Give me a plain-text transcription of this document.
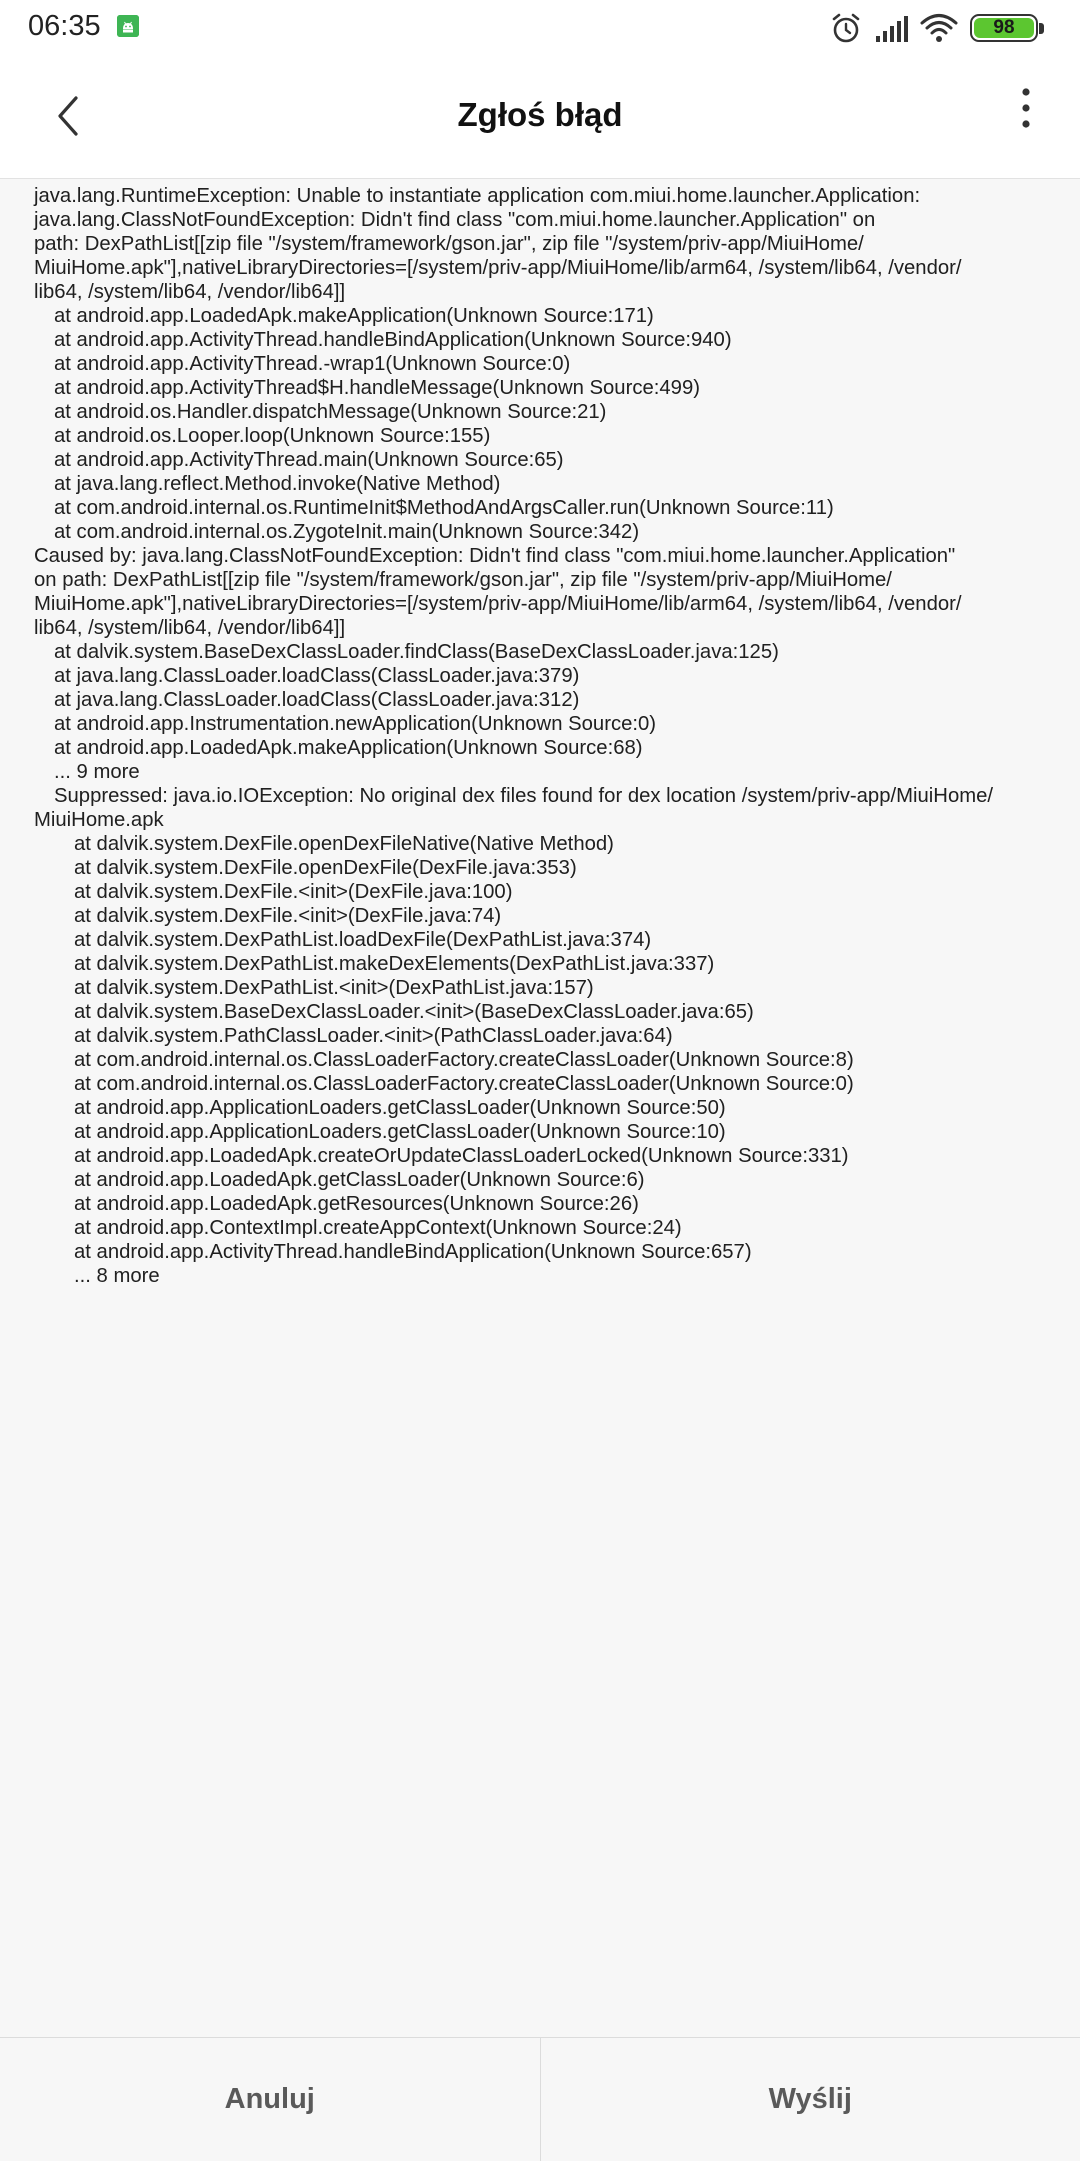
06:35	98
Zgłoś błąd
java.lang.RuntimeException: Unable to instantiate application com.miui.home.launcher.Application:
java.lang.ClassNotFoundException: Didn't find class "com.miui.home.launcher.Application" on
path: DexPathList[[zip file "/system/framework/gson.jar", zip file "/system/priv-app/MiuiHome/
MiuiHome.apk"],nativeLibraryDirectories=[/system/priv-app/MiuiHome/lib/arm64, /system/lib64, /vendor/
lib64, /system/lib64, /vendor/lib64]]
at android.app.LoadedApk.makeApplication(Unknown Source:171)
at android.app.ActivityThread.handleBindApplication(Unknown Source:940)
at android.app.ActivityThread.-wrap1(Unknown Source:0)
at android.app.ActivityThread$H.handleMessage(Unknown Source:499)
at android.os.Handler.dispatchMessage(Unknown Source:21)
at android.os.Looper.loop(Unknown Source:155)
at android.app.ActivityThread.main(Unknown Source:65)
at java.lang.reflect.Method.invoke(Native Method)
at com.android.internal.os.RuntimeInit$MethodAndArgsCaller.run(Unknown Source:11)
at com.android.internal.os.ZygoteInit.main(Unknown Source:342)
Caused by: java.lang.ClassNotFoundException: Didn't find class "com.miui.home.launcher.Application"
on path: DexPathList[[zip file "/system/framework/gson.jar", zip file "/system/priv-app/MiuiHome/
MiuiHome.apk"],nativeLibraryDirectories=[/system/priv-app/MiuiHome/lib/arm64, /system/lib64, /vendor/
lib64, /system/lib64, /vendor/lib64]]
at dalvik.system.BaseDexClassLoader.findClass(BaseDexClassLoader.java:125)
at java.lang.ClassLoader.loadClass(ClassLoader.java:379)
at java.lang.ClassLoader.loadClass(ClassLoader.java:312)
at android.app.Instrumentation.newApplication(Unknown Source:0)
at android.app.LoadedApk.makeApplication(Unknown Source:68)
... 9 more
Suppressed: java.io.IOException: No original dex files found for dex location /system/priv-app/MiuiHome/
MiuiHome.apk
at dalvik.system.DexFile.openDexFileNative(Native Method)
at dalvik.system.DexFile.openDexFile(DexFile.java:353)
at dalvik.system.DexFile.<init>(DexFile.java:100)
at dalvik.system.DexFile.<init>(DexFile.java:74)
at dalvik.system.DexPathList.loadDexFile(DexPathList.java:374)
at dalvik.system.DexPathList.makeDexElements(DexPathList.java:337)
at dalvik.system.DexPathList.<init>(DexPathList.java:157)
at dalvik.system.BaseDexClassLoader.<init>(BaseDexClassLoader.java:65)
at dalvik.system.PathClassLoader.<init>(PathClassLoader.java:64)
at com.android.internal.os.ClassLoaderFactory.createClassLoader(Unknown Source:8)
at com.android.internal.os.ClassLoaderFactory.createClassLoader(Unknown Source:0)
at android.app.ApplicationLoaders.getClassLoader(Unknown Source:50)
at android.app.ApplicationLoaders.getClassLoader(Unknown Source:10)
at android.app.LoadedApk.createOrUpdateClassLoaderLocked(Unknown Source:331)
at android.app.LoadedApk.getClassLoader(Unknown Source:6)
at android.app.LoadedApk.getResources(Unknown Source:26)
at android.app.ContextImpl.createAppContext(Unknown Source:24)
at android.app.ActivityThread.handleBindApplication(Unknown Source:657)
... 8 more
Anuluj	Wyślij
